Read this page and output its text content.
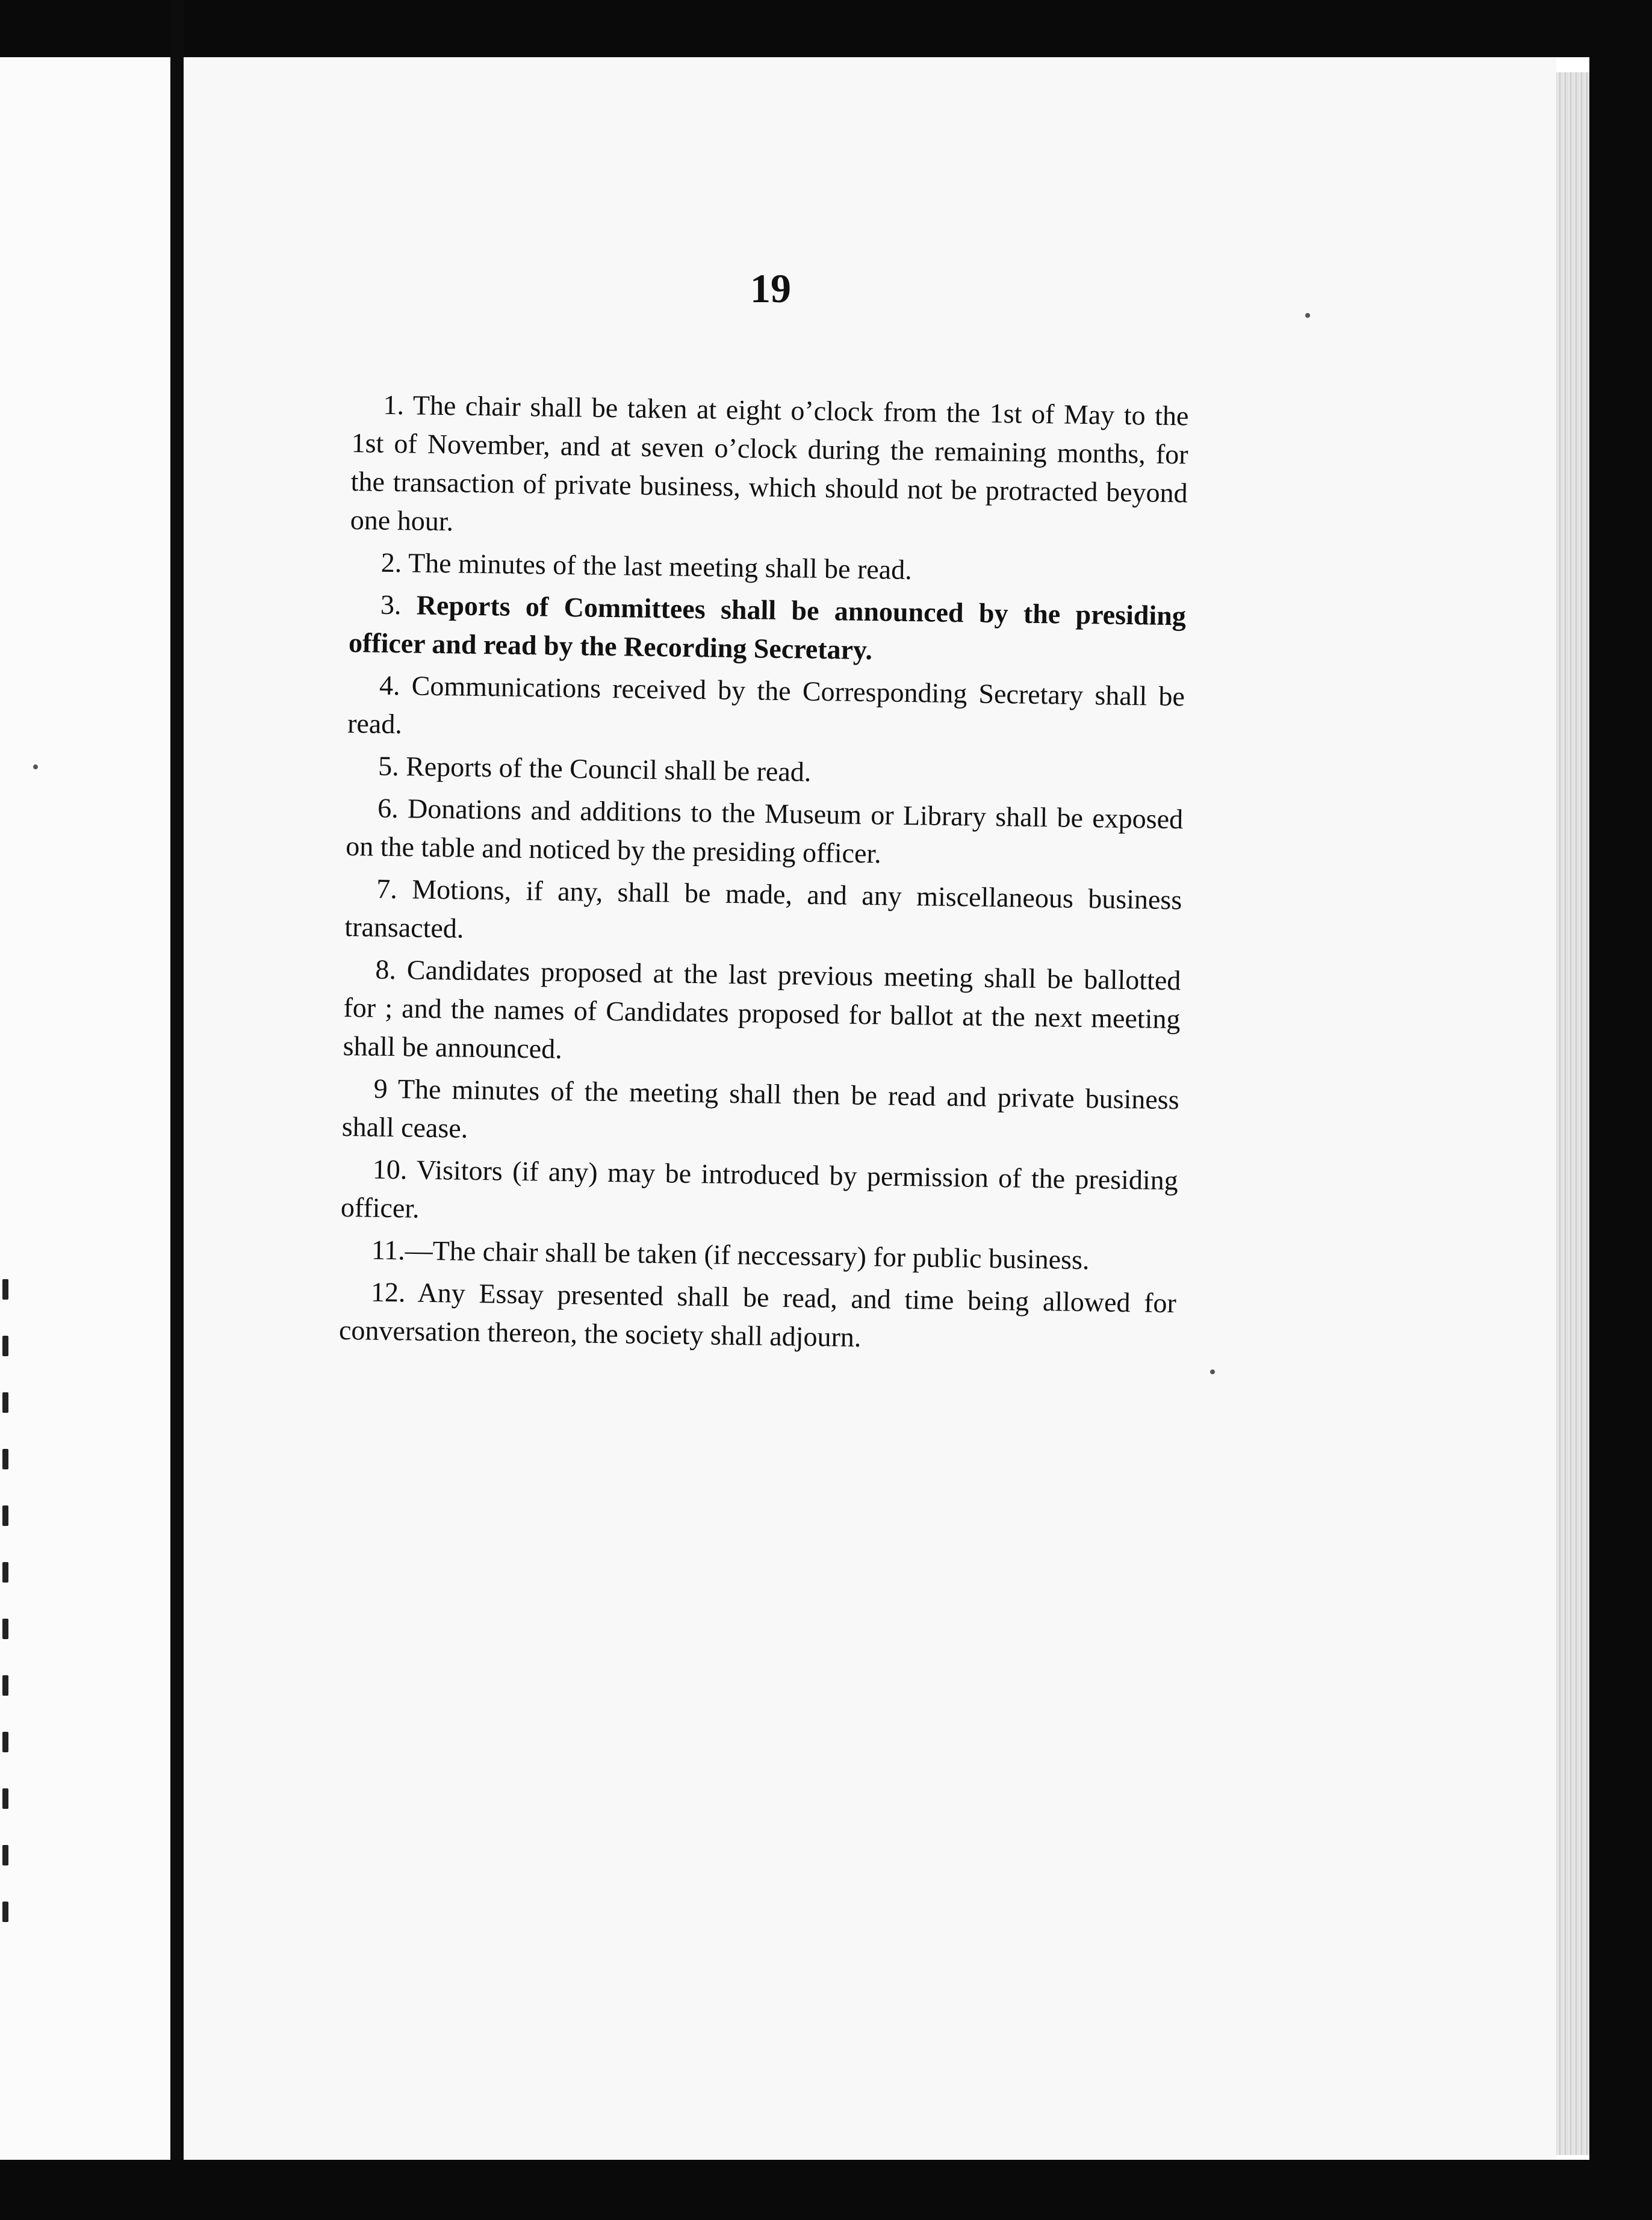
19

1. The chair shall be taken at eight o’clock from the 1st of May to the 1st of November, and at seven o’clock during the remaining months, for the transaction of private business, which should not be protracted beyond one hour.

2. The minutes of the last meeting shall be read.

3. Reports of Committees shall be announced by the presiding officer and read by the Recording Secretary.

4. Communications received by the Corresponding Secretary shall be read.

5. Reports of the Council shall be read.

6. Donations and additions to the Museum or Library shall be exposed on the table and noticed by the presiding officer.

7. Motions, if any, shall be made, and any miscellaneous business transacted.

8. Candidates proposed at the last previous meeting shall be ballotted for ; and the names of Candidates proposed for ballot at the next meeting shall be announced.

9 The minutes of the meeting shall then be read and private business shall cease.

10. Visitors (if any) may be introduced by permission of the presiding officer.

11.—The chair shall be taken (if neccessary) for public business.

12. Any Essay presented shall be read, and time being allowed for conversation thereon, the society shall adjourn.
